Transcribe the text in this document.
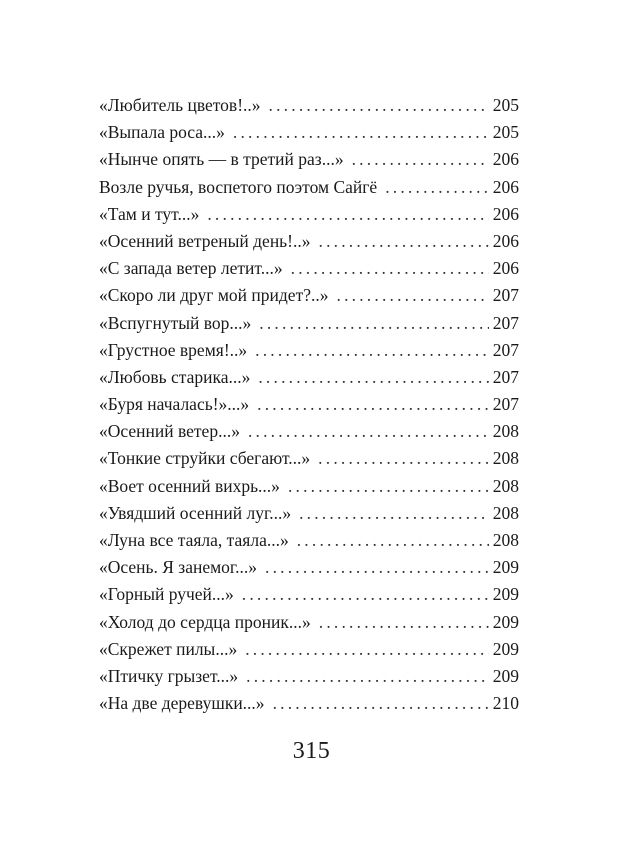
«Любитель цветов!..» .....	205
«Выпала роса...» .....	205
«Нынче опять — в третий раз...» .....	206
Возле ручья, воспетого поэтом Сайгё .....	206
«Там и тут...» .....	206
«Осенний ветреный день!..» .....	206
«С запада ветер летит...» .....	206
«Скоро ли друг мой придет?..» .....	207
«Вспугнутый вор...» .....	207
«Грустное время!..» .....	207
«Любовь старика...» .....	207
«Буря началась!»...» .....	207
«Осенний ветер...» .....	208
«Тонкие струйки сбегают...» .....	208
«Воет осенний вихрь...» .....	208
«Увядший осенний луг...» .....	208
«Луна все таяла, таяла...» .....	208
«Осень. Я занемог...» .....	209
«Горный ручей...» .....	209
«Холод до сердца проник...» .....	209
«Скрежет пилы...» .....	209
«Птичку грызет...» .....	209
«На две деревушки...» .....	210
315
